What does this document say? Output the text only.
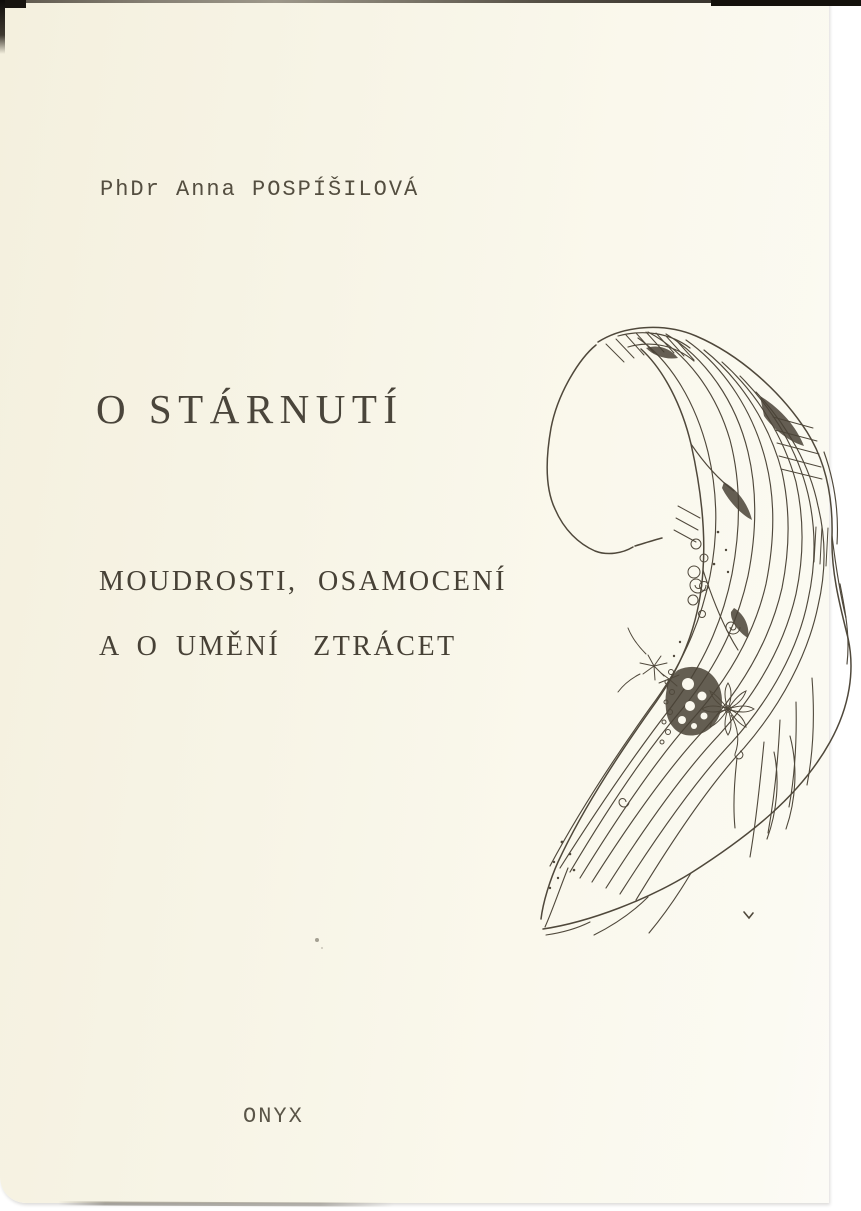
PhDr Anna POSPÍŠILOVÁ
O STÁRNUTÍ
MOUDROSTI, OSAMOCENÍ
A O UMĚNÍ  ZTRÁCET
ONYX
